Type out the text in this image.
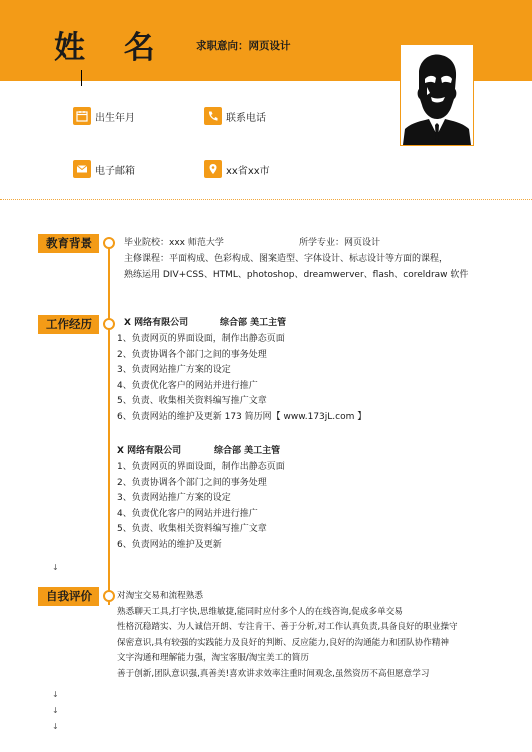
姓 名	求职意向：网页设计
出生年月	联系电话
电子邮箱	xx省xx市
教育背景	毕业院校：xxx 师范大学	所学专业：网页设计
主修课程：平面构成、色彩构成、图案造型、字体设计、标志设计等方面的课程，
熟练运用 DIV+CSS、HTML、photoshop、dreamwerver、flash、coreldraw 软件
工作经历	X 网络有限公司	综合部 美工主管
1、负责网页的界面设面，制作出静态页面
2、负责协调各个部门之间的事务处理
3、负责网站推广方案的设定
4、负责优化客户的网站并进行推广
5、负责、收集相关资料编写推广文章
6、负责网站的维护及更新 173 简历网【 www.173jL.com 】
X 网络有限公司	综合部 美工主管
1、负责网页的界面设面，制作出静态页面
2、负责协调各个部门之间的事务处理
3、负责网站推广方案的设定
4、负责优化客户的网站并进行推广
5、负责、收集相关资料编写推广文章
6、负责网站的维护及更新
自我评价	对淘宝交易和流程熟悉
熟悉聊天工具,打字快,思维敏捷,能同时应付多个人的在线咨询,促成多单交易
性格沉稳踏实、为人诚信开朗、专注肯干、善于分析,对工作认真负责,具备良好的职业操守
保密意识,具有较强的实践能力及良好的判断、反应能力,良好的沟通能力和团队协作精神
文字沟通和理解能力强，淘宝客服/淘宝美工的简历
善于创新,团队意识强,真善美!喜欢讲求效率注重时间观念,虽然资历不高但愿意学习
↓
↓
↓
↓
